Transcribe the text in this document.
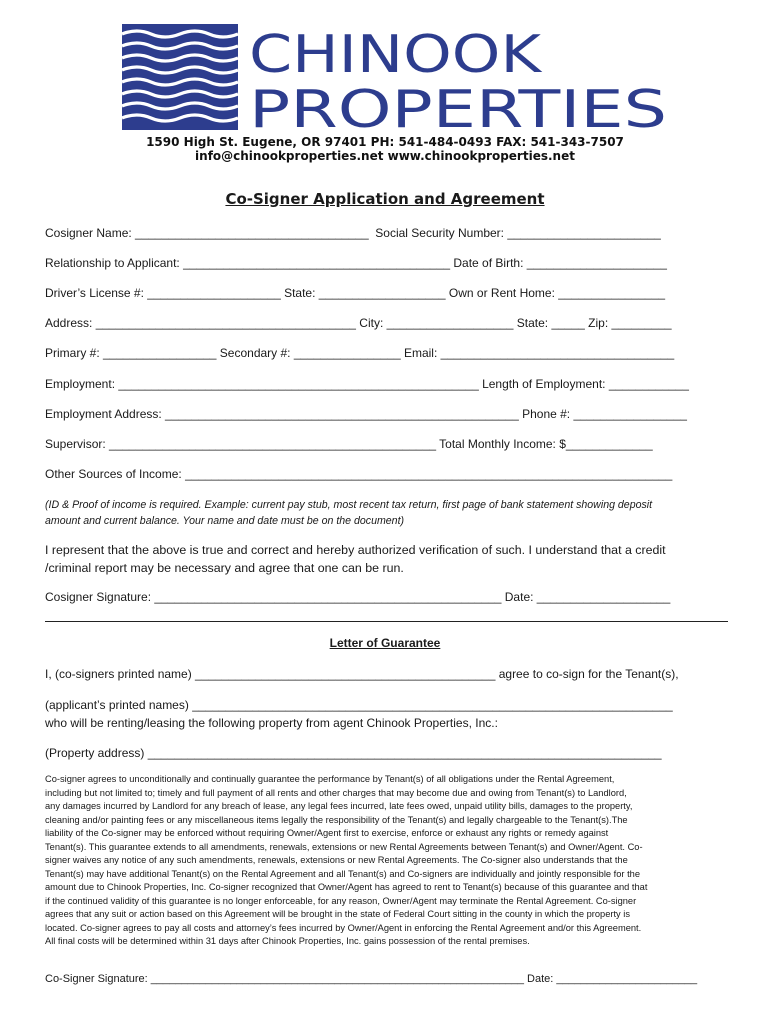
CHINOOK
PROPERTIES
1590 High St. Eugene, OR 97401 PH: 541-484-0493 FAX: 541-343-7507
info@chinookproperties.net www.chinookproperties.net
Co-Signer Application and Agreement
Cosigner Name: ___________________________________  Social Security Number: _______________________
Relationship to Applicant: ________________________________________ Date of Birth: _____________________
Driver’s License #: ____________________ State: ___________________ Own or Rent Home: ________________
Address: _______________________________________ City: ___________________ State: _____ Zip: _________
Primary #: _________________ Secondary #: ________________ Email: ___________________________________
Employment: ______________________________________________________ Length of Employment: ____________
Employment Address: _____________________________________________________ Phone #: _________________
Supervisor: _________________________________________________ Total Monthly Income: $_____________
Other Sources of Income: _________________________________________________________________________
(ID & Proof of income is required. Example: current pay stub, most recent tax return, first page of bank statement showing deposit
amount and current balance. Your name and date must be on the document)
I represent that the above is true and correct and hereby authorized verification of such. I understand that a credit
/criminal report may be necessary and agree that one can be run.
Cosigner Signature: ____________________________________________________ Date: ____________________
Letter of Guarantee
I, (co-signers printed name) _____________________________________________ agree to co-sign for the Tenant(s),
(applicant’s printed names) ________________________________________________________________________
who will be renting/leasing the following property from agent Chinook Properties, Inc.:
(Property address) _____________________________________________________________________________
Co-signer agrees to unconditionally and continually guarantee the performance by Tenant(s) of all obligations under the Rental Agreement,
including but not limited to; timely and full payment of all rents and other charges that may become due and owing from Tenant(s) to Landlord,
any damages incurred by Landlord for any breach of lease, any legal fees incurred, late fees owed, unpaid utility bills, damages to the property,
cleaning and/or painting fees or any miscellaneous items legally the responsibility of the Tenant(s) and legally chargeable to the Tenant(s).The
liability of the Co-signer may be enforced without requiring Owner/Agent first to exercise, enforce or exhaust any rights or remedy against
Tenant(s). This guarantee extends to all amendments, renewals, extensions or new Rental Agreements between Tenant(s) and Owner/Agent. Co-
signer waives any notice of any such amendments, renewals, extensions or new Rental Agreements. The Co-signer also understands that the
Tenant(s) may have additional Tenant(s) on the Rental Agreement and all Tenant(s) and Co-signers are individually and jointly responsible for the
amount due to Chinook Properties, Inc. Co-signer recognized that Owner/Agent has agreed to rent to Tenant(s) because of this guarantee and that
if the continued validity of this guarantee is no longer enforceable, for any reason, Owner/Agent may terminate the Rental Agreement. Co-signer
agrees that any suit or action based on this Agreement will be brought in the state of Federal Court sitting in the county in which the property is
located. Co-signer agrees to pay all costs and attorney’s fees incurred by Owner/Agent in enforcing the Rental Agreement and/or this Agreement.
All final costs will be determined within 31 days after Chinook Properties, Inc. gains possession of the rental premises.
Co-Signer Signature: _____________________________________________________________ Date: _______________________
